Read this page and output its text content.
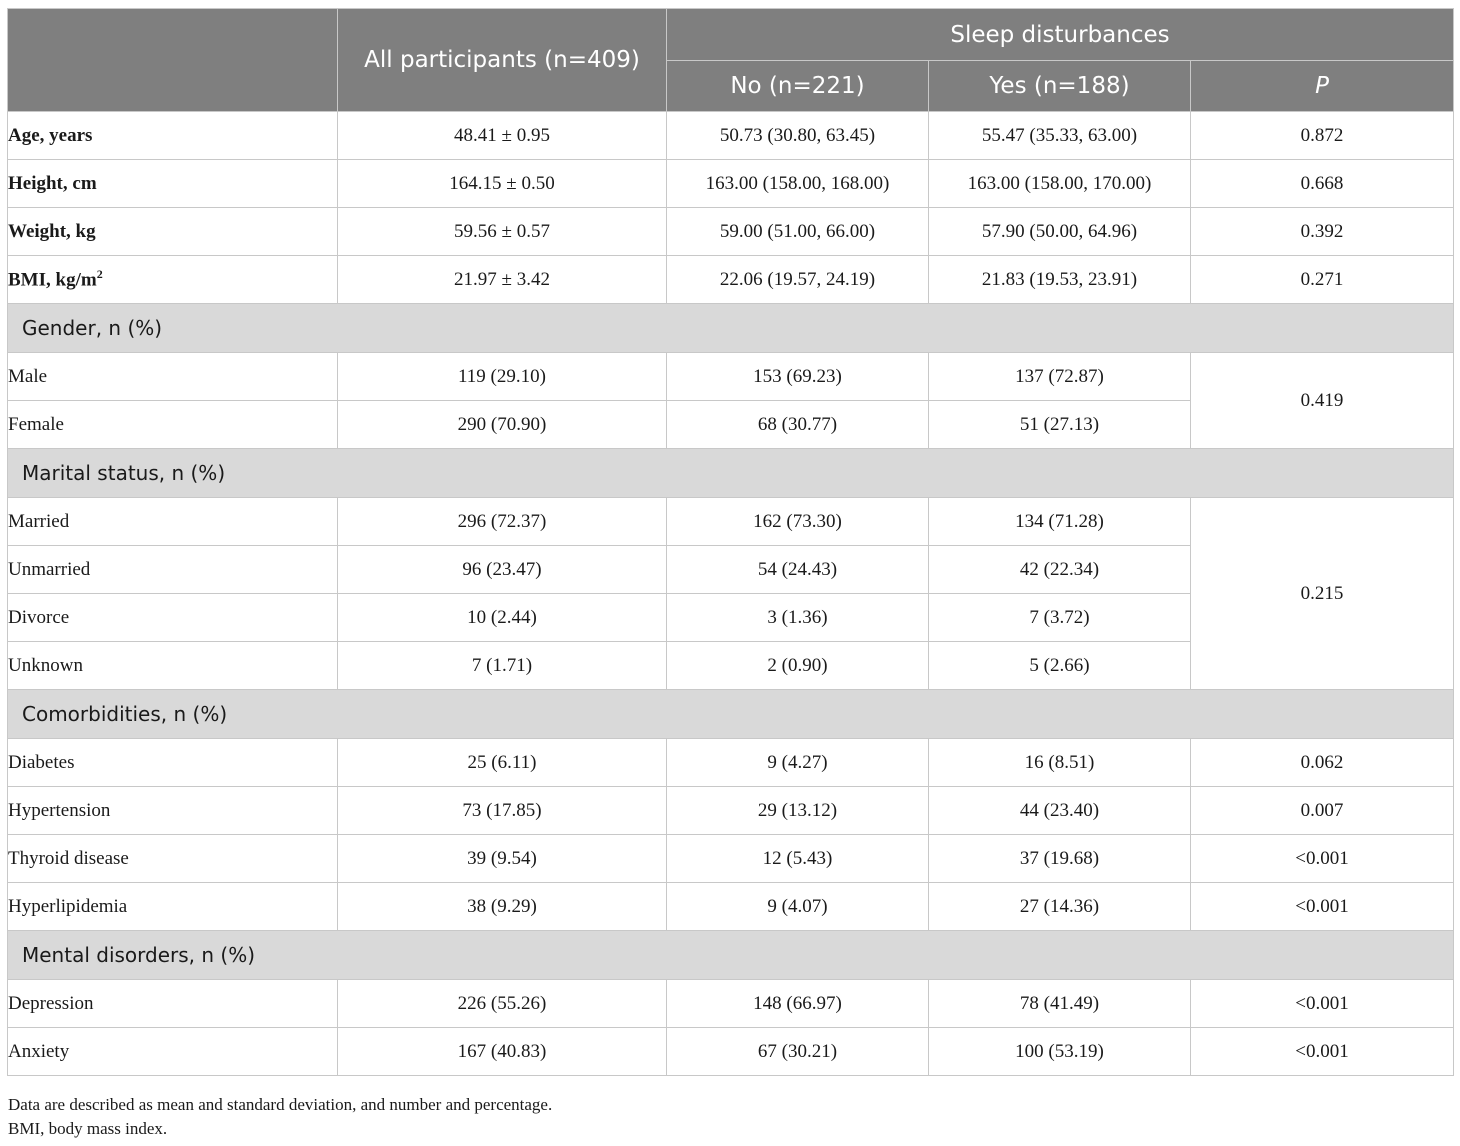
	All participants (n=409)	Sleep disturbances		
		No (n=221)	Yes (n=188)	P
Age, years	48.41 ± 0.95	50.73 (30.80, 63.45)	55.47 (35.33, 63.00)	0.872
Height, cm	164.15 ± 0.50	163.00 (158.00, 168.00)	163.00 (158.00, 170.00)	0.668
Weight, kg	59.56 ± 0.57	59.00 (51.00, 66.00)	57.90 (50.00, 64.96)	0.392
BMI, $kg/m^2$	21.97 ± 3.42	22.06 (19.57, 24.19)	21.83 (19.53, 23.91)	0.271
Gender, n (%)				
Male	119 (29.10)	153 (69.23)	137 (72.87)	0.419
Female	290 (70.90)	68 (30.77)	51 (27.13)	
Marital status, n (%)				
Married	296 (72.37)	162 (73.30)	134 (71.28)	0.215
Unmarried	96 (23.47)	54 (24.43)	42 (22.34)	
Divorce	10 (2.44)	3 (1.36)	7 (3.72)	
Unknown	7 (1.71)	2 (0.90)	5 (2.66)	
Comorbidities, n (%)				
Diabetes	25 (6.11)	9 (4.27)	16 (8.51)	0.062
Hypertension	73 (17.85)	29 (13.12)	44 (23.40)	0.007
Thyroid disease	39 (9.54)	12 (5.43)	37 (19.68)	<0.001
Hyperlipidemia	38 (9.29)	9 (4.07)	27 (14.36)	<0.001
Mental disorders, n (%)				
Depression	226 (55.26)	148 (66.97)	78 (41.49)	<0.001
Anxiety	167 (40.83)	67 (30.21)	100 (53.19)	<0.001
Data are described as mean and standard deviation, and number and percentage.
BMI, body mass index.
